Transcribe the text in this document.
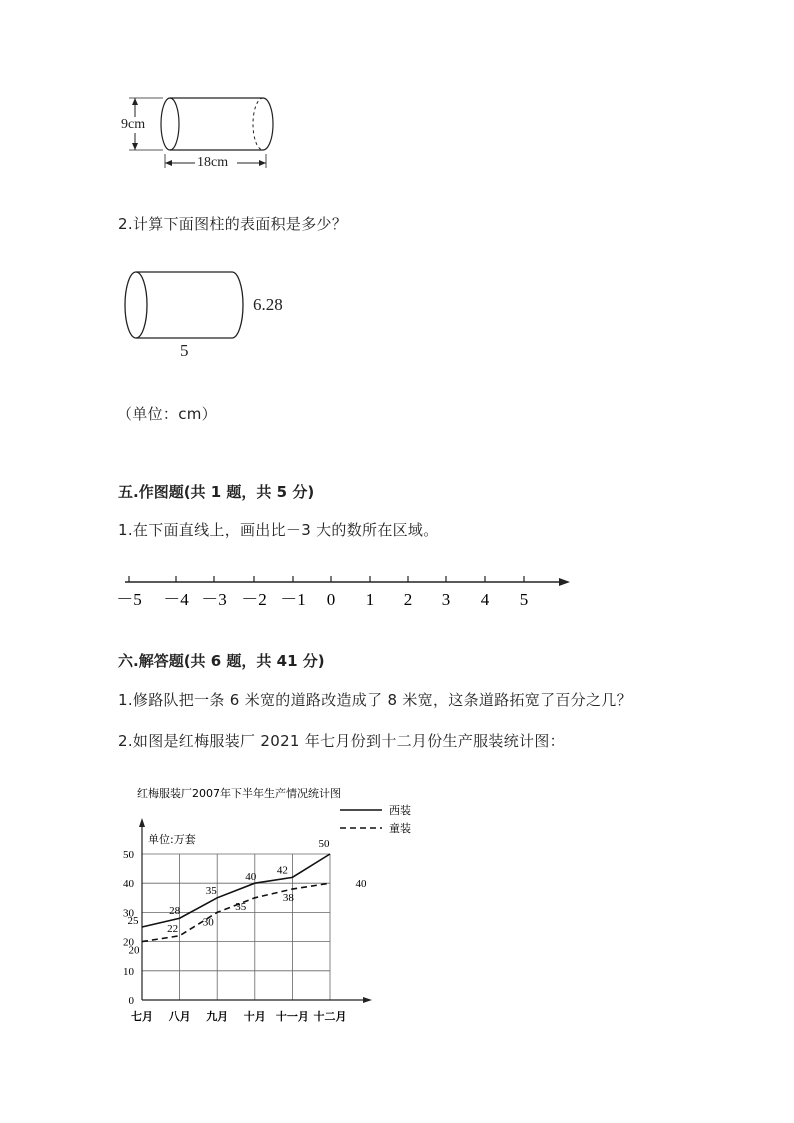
9cm
18cm
2.计算下面图柱的表面积是多少？
6.28
5
（单位：cm）
五.作图题(共 1 题，共 5 分)
1.在下面直线上，画出比－3 大的数所在区域。
－5 －4 －3 －2 －1 0 1 2 3 4 5
六.解答题(共 6 题，共 41 分)
1.修路队把一条 6 米宽的道路改造成了 8 米宽，这条道路拓宽了百分之几？
2.如图是红梅服装厂 2021 年七月份到十二月份生产服装统计图：
红梅服装厂2007年下半年生产情况统计图
单位:万套
0
10
20
30
40
50
七月 八月 九月 十月 十一月 十二月
25
28
35
40
42
50
20
22
30
35
38
40
西装
童装
